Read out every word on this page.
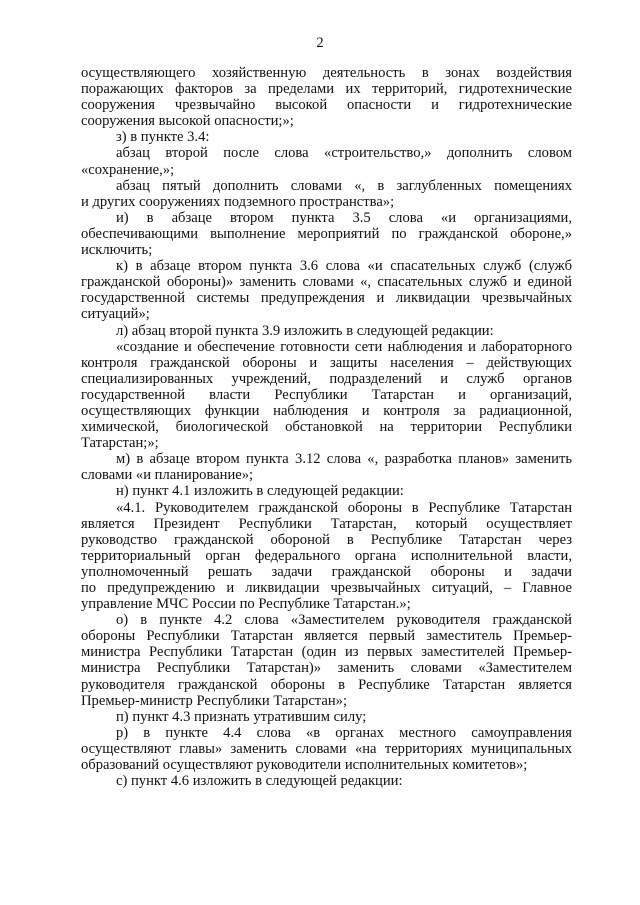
2
осуществляющего хозяйственную деятельность в зонах воздействия
поражающих факторов за пределами их территорий, гидротехнические
сооружения чрезвычайно высокой опасности и гидротехнические
сооружения высокой опасности;»;
з) в пункте 3.4:
абзац второй после слова «строительство,» дополнить словом
«сохранение,»;
абзац пятый дополнить словами «, в заглубленных помещениях
и других сооружениях подземного пространства»;
и) в абзаце втором пункта 3.5 слова «и организациями,
обеспечивающими выполнение мероприятий по гражданской обороне,»
исключить;
к) в абзаце втором пункта 3.6 слова «и спасательных служб (служб
гражданской обороны)» заменить словами «, спасательных служб и единой
государственной системы предупреждения и ликвидации чрезвычайных
ситуаций»;
л) абзац второй пункта 3.9 изложить в следующей редакции:
«создание и обеспечение готовности сети наблюдения и лабораторного
контроля гражданской обороны и защиты населения – действующих
специализированных учреждений, подразделений и служб органов
государственной власти Республики Татарстан и организаций,
осуществляющих функции наблюдения и контроля за радиационной,
химической, биологической обстановкой на территории Республики
Татарстан;»;
м) в абзаце втором пункта 3.12 слова «, разработка планов» заменить
словами «и планирование»;
н) пункт 4.1 изложить в следующей редакции:
«4.1. Руководителем гражданской обороны в Республике Татарстан
является Президент Республики Татарстан, который осуществляет
руководство гражданской обороной в Республике Татарстан через
территориальный орган федерального органа исполнительной власти,
уполномоченный решать задачи гражданской обороны и задачи
по предупреждению и ликвидации чрезвычайных ситуаций, – Главное
управление МЧС России по Республике Татарстан.»;
о) в пункте 4.2 слова «Заместителем руководителя гражданской
обороны Республики Татарстан является первый заместитель Премьер-
министра Республики Татарстан (один из первых заместителей Премьер-
министра Республики Татарстан)» заменить словами «Заместителем
руководителя гражданской обороны в Республике Татарстан является
Премьер-министр Республики Татарстан»;
п) пункт 4.3 признать утратившим силу;
р) в пункте 4.4 слова «в органах местного самоуправления
осуществляют главы» заменить словами «на территориях муниципальных
образований осуществляют руководители исполнительных комитетов»;
с) пункт 4.6 изложить в следующей редакции:
